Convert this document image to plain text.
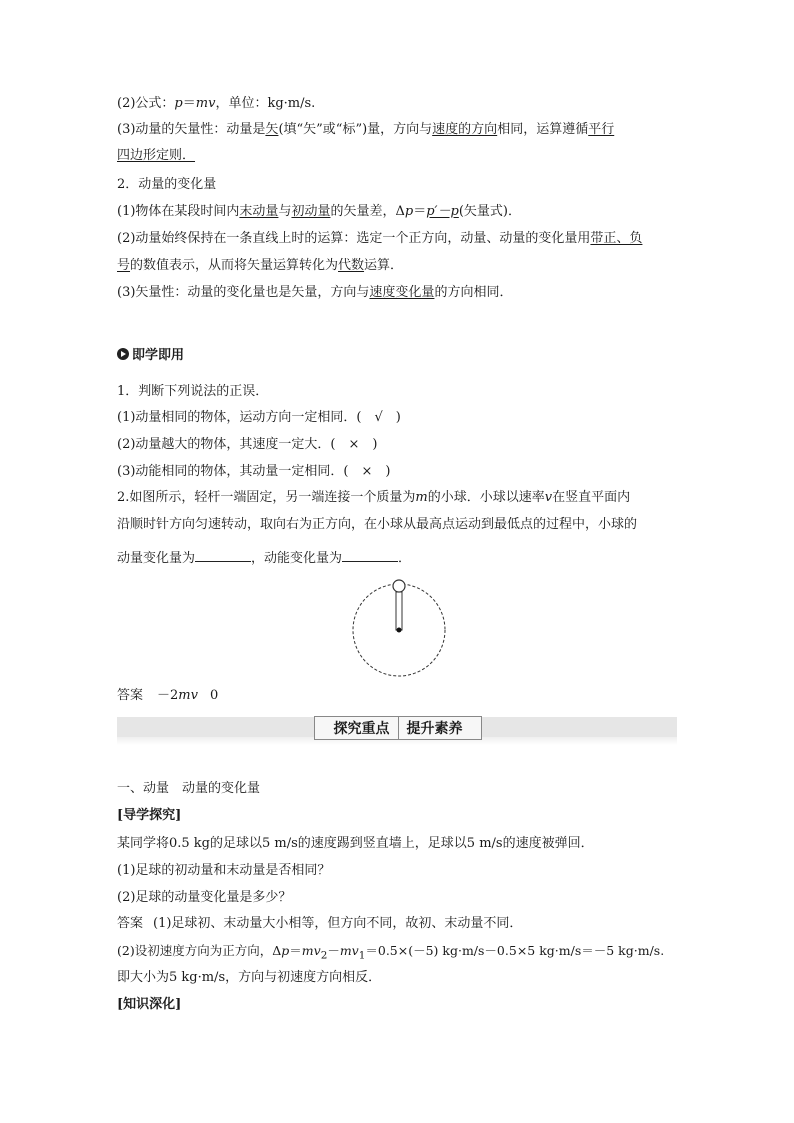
(2)公式：p＝mv，单位：kg·m/s.
(3)动量的矢量性：动量是矢(填“矢”或“标”)量，方向与速度的方向相同，运算遵循平行
四边形定则．
2．动量的变化量
(1)物体在某段时间内末动量与初动量的矢量差，Δp＝p′－p(矢量式)．
(2)动量始终保持在一条直线上时的运算：选定一个正方向，动量、动量的变化量用带正、负
号的数值表示，从而将矢量运算转化为代数运算．
(3)矢量性：动量的变化量也是矢量，方向与速度变化量的方向相同．
即学即用
1．判断下列说法的正误．
(1)动量相同的物体，运动方向一定相同．(　√　)
(2)动量越大的物体，其速度一定大．(　×　)
(3)动能相同的物体，其动量一定相同．(　×　)
2.如图所示，轻杆一端固定，另一端连接一个质量为m的小球．小球以速率v在竖直平面内
沿顺时针方向匀速转动，取向右为正方向，在小球从最高点运动到最低点的过程中，小球的
动量变化量为	，动能变化量为	．
答案 －2mv 0
探究重点 提升素养
一、动量　动量的变化量
[导学探究]
某同学将0.5 kg的足球以5 m/s的速度踢到竖直墙上，足球以5 m/s的速度被弹回．
(1)足球的初动量和末动量是否相同？
(2)足球的动量变化量是多少？
答案 (1)足球初、末动量大小相等，但方向不同，故初、末动量不同．
(2)设初速度方向为正方向，$\Delta p=mv_2-mv_1=0.5\times(-5)$ kg·m/s－0.5×5 kg·m/s＝－5 kg·m/s.
即大小为5 kg·m/s，方向与初速度方向相反．
[知识深化]
